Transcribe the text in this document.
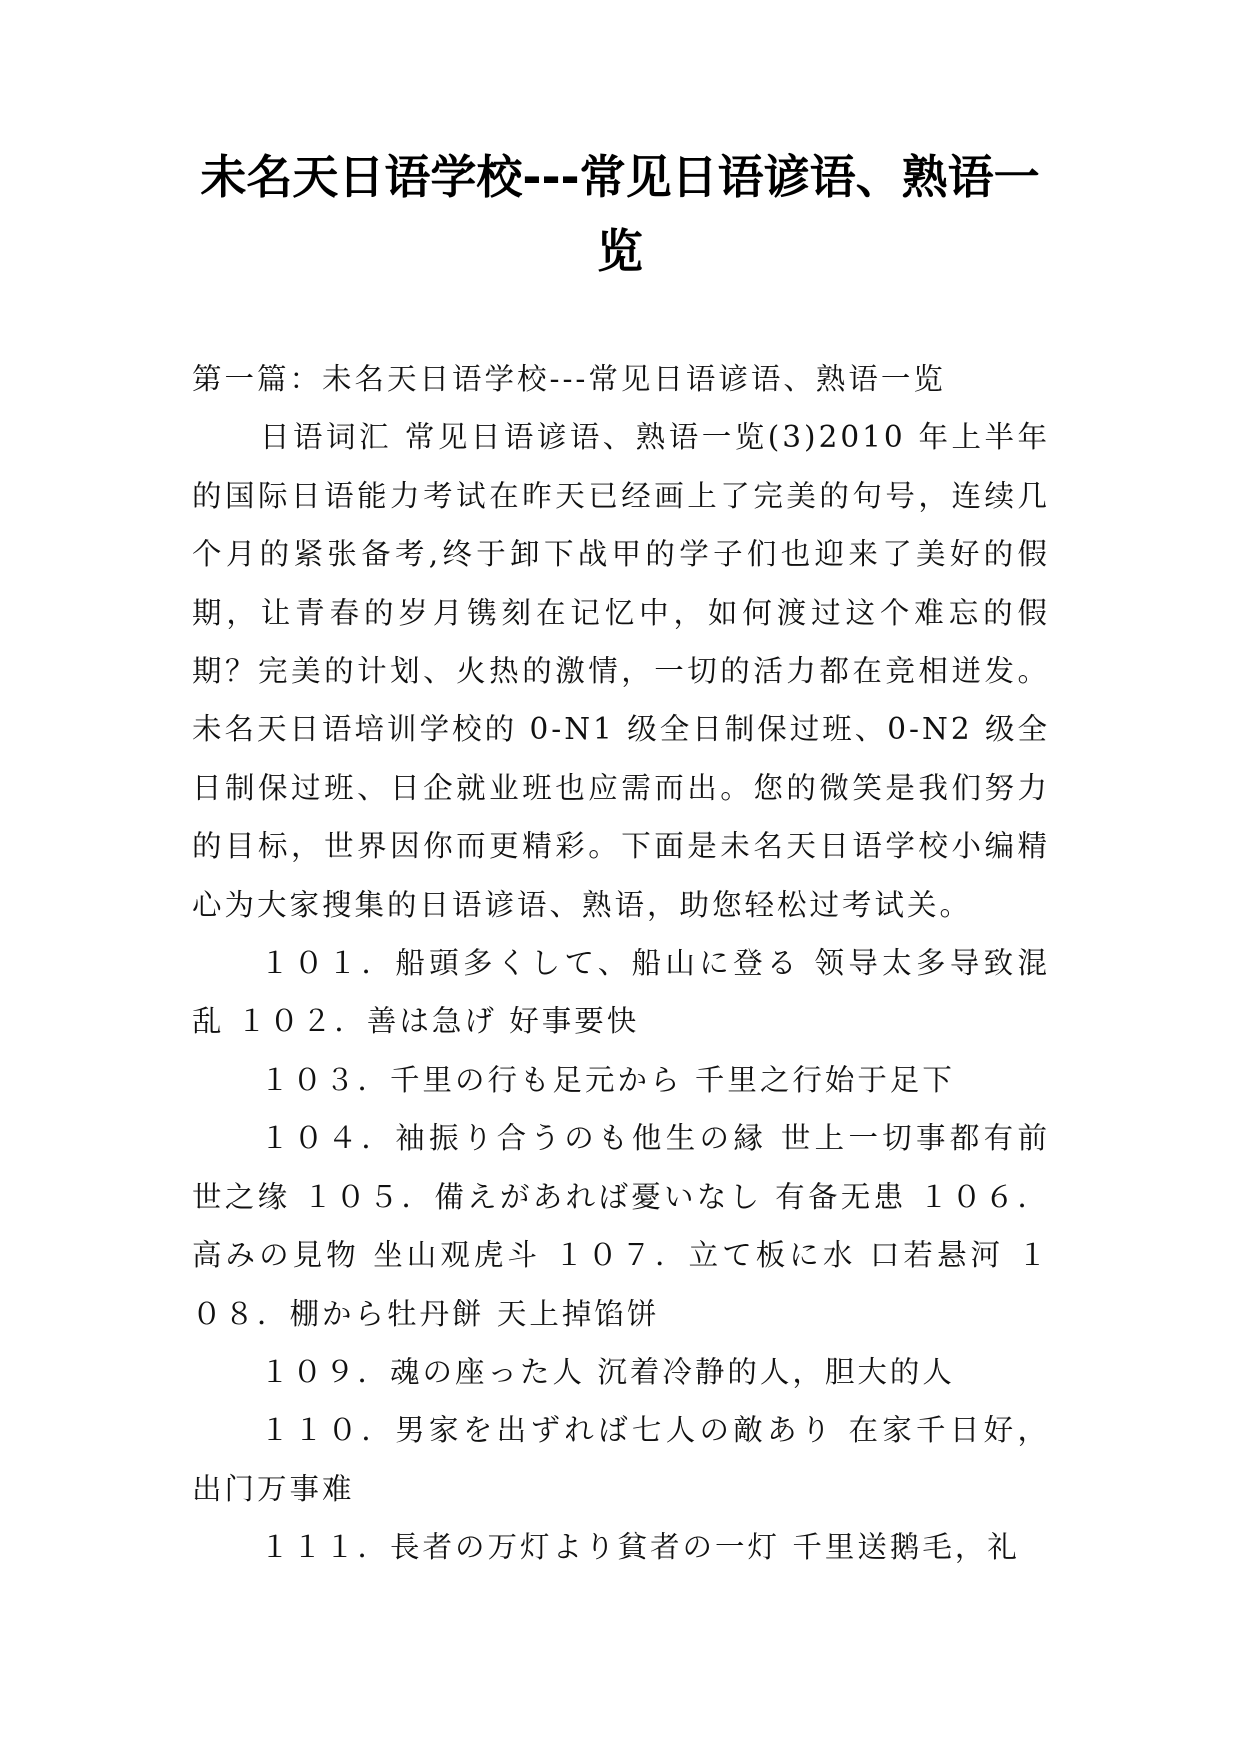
未名天日语学校---常见日语谚语、熟语一览

第一篇：未名天日语学校---常见日语谚语、熟语一览

日语词汇 常见日语谚语、熟语一览(3)2010 年上半年的国际日语能力考试在昨天已经画上了完美的句号，连续几个月的紧张备考,终于卸下战甲的学子们也迎来了美好的假期，让青春的岁月镌刻在记忆中，如何渡过这个难忘的假期？完美的计划、火热的激情，一切的活力都在竞相迸发。未名天日语培训学校的 0-N1 级全日制保过班、0-N2 级全日制保过班、日企就业班也应需而出。您的微笑是我们努力的目标，世界因你而更精彩。下面是未名天日语学校小编精心为大家搜集的日语谚语、熟语，助您轻松过考试关。

１０１．船頭多くして、船山に登る 领导太多导致混乱 １０２．善は急げ 好事要快

１０３．千里の行も足元から 千里之行始于足下

１０４．袖振り合うのも他生の縁 世上一切事都有前世之缘 １０５．備えがあれば憂いなし 有备无患 １０６．高みの見物 坐山观虎斗 １０７．立て板に水 口若悬河 １０８．棚から牡丹餅 天上掉馅饼

１０９．魂の座った人 沉着冷静的人，胆大的人

１１０．男家を出ずれば七人の敵あり 在家千日好，出门万事难

１１１．長者の万灯より貧者の一灯 千里送鹅毛，礼
